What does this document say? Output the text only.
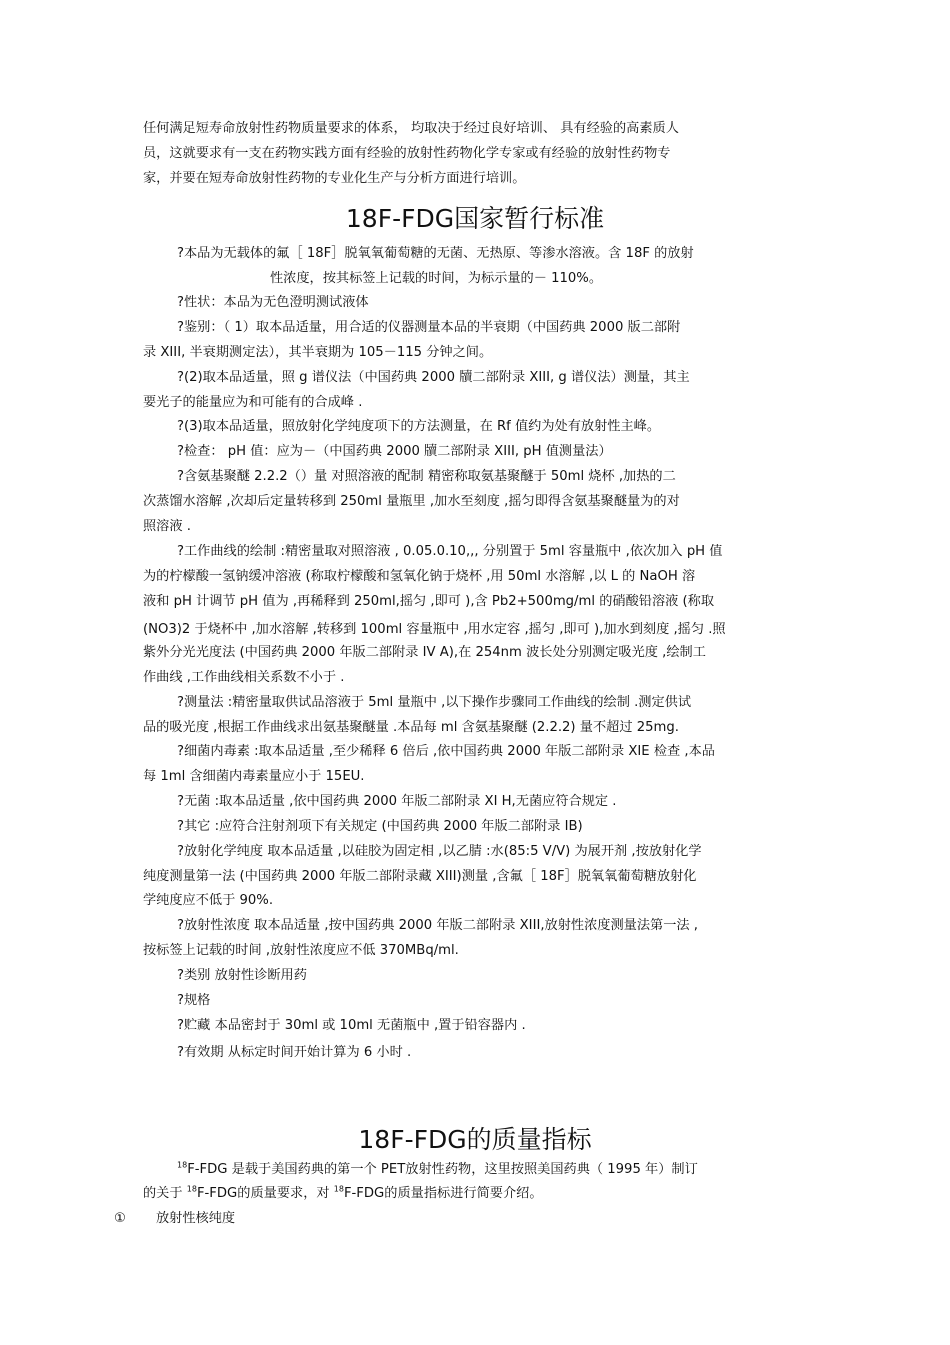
任何满足短寿命放射性药物质量要求的体系， 均取决于经过良好培训、 具有经验的高素质人
员，这就要求有一支在药物实践方面有经验的放射性药物化学专家或有经验的放射性药物专
家，并要在短寿命放射性药物的专业化生产与分析方面进行培训。
18F-FDG国家暂行标准
?本品为无载体的氟［ 18F］脱氧氧葡萄糖的无菌、无热原、等渗水溶液。含 18F 的放射
性浓度，按其标签上记载的时间，为标示量的－ 110%。
?性状：本品为无色澄明测试液体
?鉴别：（ 1）取本品适量，用合适的仪器测量本品的半衰期（中国药典 2000 版二部附
录 XIII, 半衰期测定法），其半衰期为 105－115 分钟之间。
?(2)取本品适量，照 g 谱仪法（中国药典 2000 牘二部附录 XIII, g 谱仪法）测量，其主
要光子的能量应为和可能有的合成峰 .
?(3)取本品适量，照放射化学纯度项下的方法测量，在 Rf 值约为处有放射性主峰。
?检查： pH 值：应为－（中国药典 2000 牘二部附录 XIII, pH 值测量法）
?含氨基聚醚 2.2.2（）量 对照溶液的配制 精密称取氨基聚醚于 50ml 烧杯 ,加热的二
次蒸馏水溶解 ,次却后定量转移到 250ml 量瓶里 ,加水至刻度 ,摇匀即得含氨基聚醚量为的对
照溶液 .
?工作曲线的绘制 :精密量取对照溶液 , 0.05.0.10,,, 分别置于 5ml 容量瓶中 ,依次加入 pH 值
为的柠檬酸一氢钠缓冲溶液 (称取柠檬酸和氢氧化钠于烧杯 ,用 50ml 水溶解 ,以 L 的 NaOH 溶
液和 pH 计调节 pH 值为 ,再稀释到 250ml,摇匀 ,即可 ),含 Pb2+500mg/ml 的硝酸铅溶液 (称取
(NO3)2 于烧杯中 ,加水溶解 ,转移到 100ml 容量瓶中 ,用水定容 ,摇匀 ,即可 ),加水到刻度 ,摇匀 .照
紫外分光光度法 (中国药典 2000 年版二部附录 IV A),在 254nm 波长处分别测定吸光度 ,绘制工
作曲线 ,工作曲线相关系数不小于 .
?测量法 :精密量取供试品溶液于 5ml 量瓶中 ,以下操作步骤同工作曲线的绘制 .测定供试
品的吸光度 ,根据工作曲线求出氨基聚醚量 .本品每 ml 含氨基聚醚 (2.2.2) 量不超过 25mg.
?细菌内毒素 :取本品适量 ,至少稀释 6 倍后 ,依中国药典 2000 年版二部附录 XIE 检查 ,本品
每 1ml 含细菌内毒素量应小于 15EU.
?无菌 :取本品适量 ,依中国药典 2000 年版二部附录 XI H,无菌应符合规定 .
?其它 :应符合注射剂项下有关规定 (中国药典 2000 年版二部附录 IB)
?放射化学纯度 取本品适量 ,以硅胶为固定相 ,以乙腈 :水(85:5 V/V) 为展开剂 ,按放射化学
纯度测量第一法 (中国药典 2000 年版二部附录藏 XIII)测量 ,含氟［ 18F］脱氧氧葡萄糖放射化
学纯度应不低于 90%.
?放射性浓度 取本品适量 ,按中国药典 2000 年版二部附录 XIII,放射性浓度测量法第一法 ,
按标签上记载的时间 ,放射性浓度应不低 370MBq/ml.
?类别 放射性诊断用药
?规格
?贮藏 本品密封于 30ml 或 10ml 无菌瓶中 ,置于铅容器内 .
?有效期 从标定时间开始计算为 6 小时 .
18F-FDG的质量指标
$^{18}$F-FDG 是载于美国药典的第一个 PET放射性药物，这里按照美国药典（ 1995 年）制订
的关于 $^{18}$F-FDG的质量要求，对 $^{18}$F-FDG的质量指标进行简要介绍。
① 放射性核纯度
